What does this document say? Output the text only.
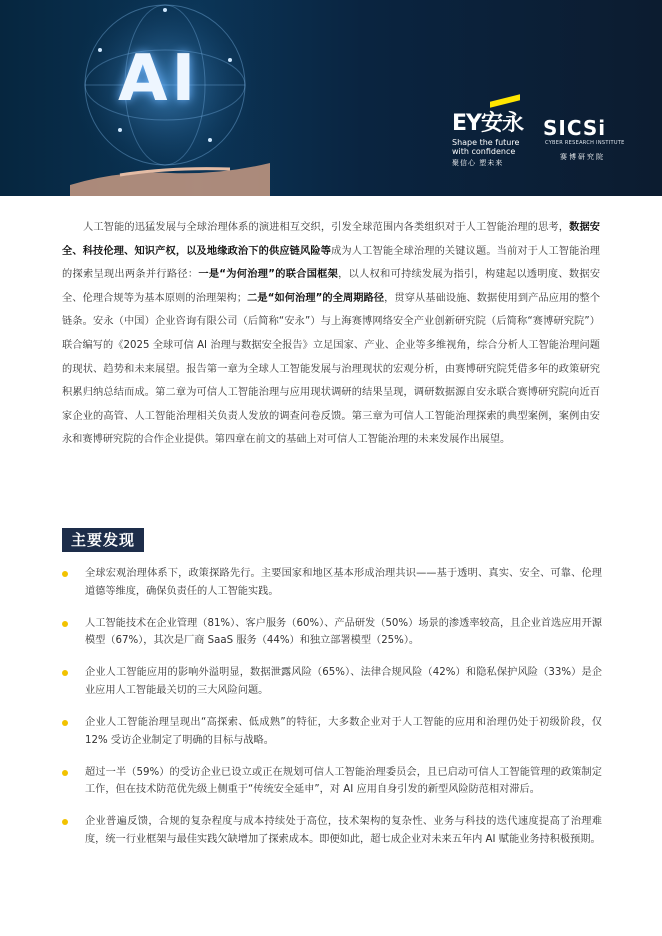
AI
EY安永
Shape the future
with confidence
聚信心 塑未来
SICSi
CYBER RESEARCH INSTITUTE
赛博研究院

人工智能的迅猛发展与全球治理体系的演进相互交织，引发全球范围内各类组织对于人工智能治理的思考，数据安全、科技伦理、知识产权，以及地缘政治下的供应链风险等成为人工智能全球治理的关键议题。当前对于人工智能治理的探索呈现出两条并行路径：一是“为何治理”的联合国框架，以人权和可持续发展为指引，构建起以透明度、数据安全、伦理合规等为基本原则的治理架构；二是“如何治理”的全周期路径，贯穿从基础设施、数据使用到产品应用的整个链条。安永（中国）企业咨询有限公司（后简称“安永”）与上海赛博网络安全产业创新研究院（后简称“赛博研究院”）联合编写的《2025 全球可信 AI 治理与数据安全报告》立足国家、产业、企业等多维视角，综合分析人工智能治理问题的现状、趋势和未来展望。报告第一章为全球人工智能发展与治理现状的宏观分析，由赛博研究院凭借多年的政策研究积累归纳总结而成。第二章为可信人工智能治理与应用现状调研的结果呈现，调研数据源自安永联合赛博研究院向近百家企业的高管、人工智能治理相关负责人发放的调查问卷反馈。第三章为可信人工智能治理探索的典型案例，案例由安永和赛博研究院的合作企业提供。第四章在前文的基础上对可信人工智能治理的未来发展作出展望。

主要发现
全球宏观治理体系下，政策探路先行。主要国家和地区基本形成治理共识——基于透明、真实、安全、可靠、伦理道德等维度，确保负责任的人工智能实践。
人工智能技术在企业管理（81%）、客户服务（60%）、产品研发（50%）场景的渗透率较高，且企业首选应用开源模型（67%），其次是厂商 SaaS 服务（44%）和独立部署模型（25%）。
企业人工智能应用的影响外溢明显，数据泄露风险（65%）、法律合规风险（42%）和隐私保护风险（33%）是企业应用人工智能最关切的三大风险问题。
企业人工智能治理呈现出“高探索、低成熟”的特征，大多数企业对于人工智能的应用和治理仍处于初级阶段，仅 12% 受访企业制定了明确的目标与战略。
超过一半（59%）的受访企业已设立或正在规划可信人工智能治理委员会，且已启动可信人工智能管理的政策制定工作，但在技术防范优先级上侧重于“传统安全延申”，对 AI 应用自身引发的新型风险防范相对滞后。
企业普遍反馈，合规的复杂程度与成本持续处于高位，技术架构的复杂性、业务与科技的迭代速度提高了治理难度，统一行业框架与最佳实践欠缺增加了探索成本。即便如此，超七成企业对未来五年内 AI 赋能业务持积极预期。
